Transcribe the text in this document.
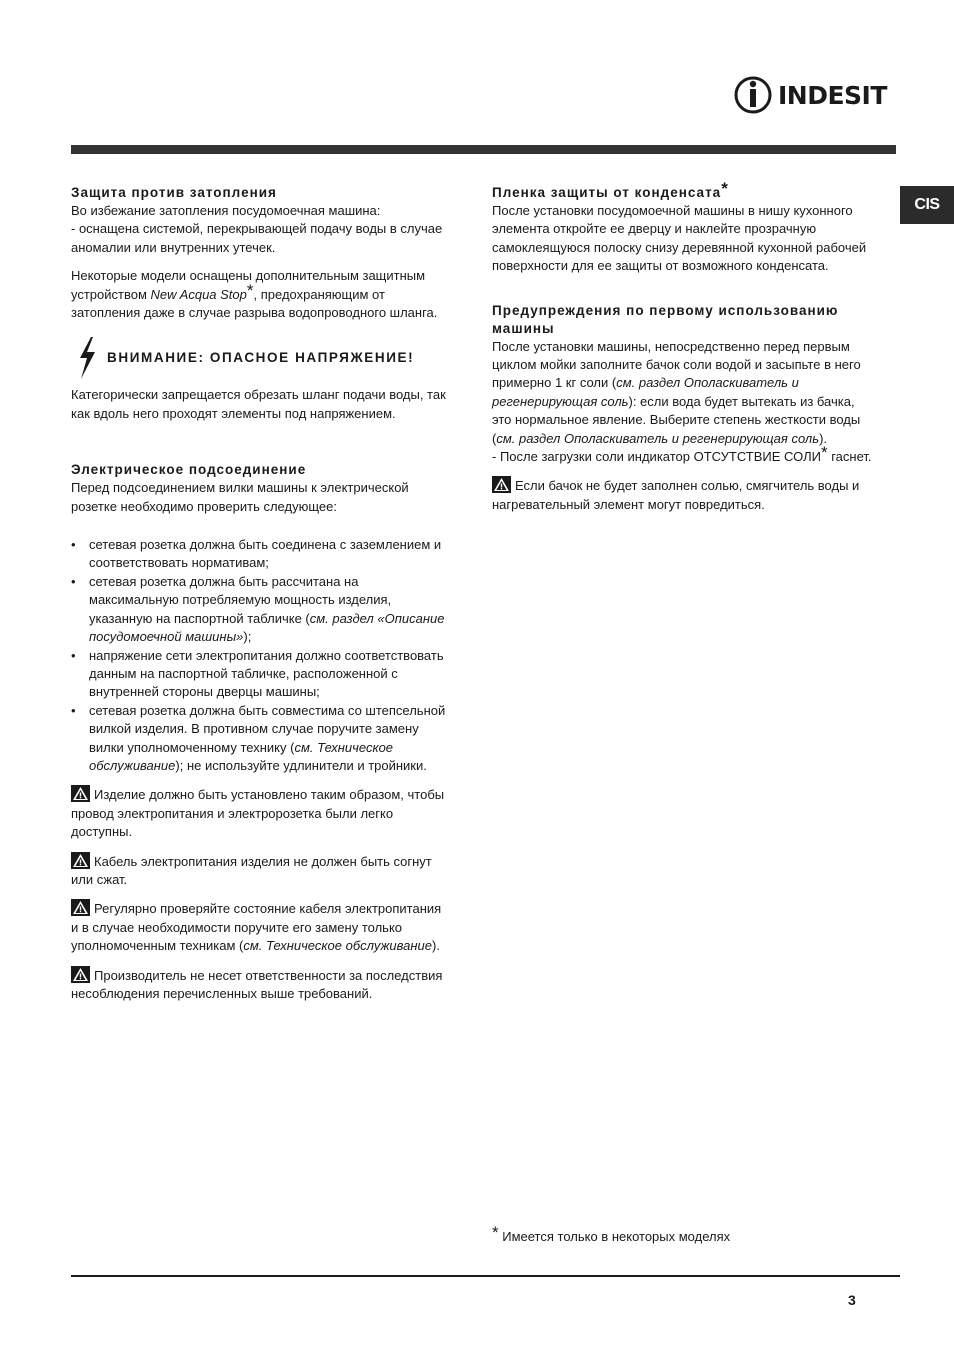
INDESIT
CIS
Защита против затопления

Во избежание затопления посудомоечная машина:

- оснащена системой, перекрывающей подачу воды в случае аномалии или внутренних утечек.

Некоторые модели оснащены дополнительным защитным устройством New Acqua Stop*, предохраняющим от затопления даже в случае разрыва водопроводного шланга.

ВНИМАНИЕ: ОПАСНОЕ НАПРЯЖЕНИЕ!

Категорически запрещается обрезать шланг подачи воды, так как вдоль него проходят элементы под напряжением.

Электрическое подсоединение

Перед подсоединением вилки машины к электрической розетке необходимо проверить следующее:

• сетевая розетка должна быть соединена с заземлением и соответствовать нормативам;
• сетевая розетка должна быть рассчитана на максимальную потребляемую мощность изделия, указанную на паспортной табличке (см. раздел «Описание посудомоечной машины»);
• напряжение сети электропитания должно соответствовать данным на паспортной табличке, расположенной с внутренней стороны дверцы машины;
• сетевая розетка должна быть совместима со штепсельной вилкой изделия. В противном случае поручите замену вилки уполномоченному технику (см. Техническое обслуживание); не используйте удлинители и тройники.

Изделие должно быть установлено таким образом, чтобы провод электропитания и электророзетка были легко доступны.

Кабель электропитания изделия не должен быть согнут или сжат.

Регулярно проверяйте состояние кабеля электропитания и в случае необходимости поручите его замену только уполномоченным техникам (см. Техническое обслуживание).

Производитель не несет ответственности за последствия несоблюдения перечисленных выше требований.

Пленка защиты от конденсата*

После установки посудомоечной машины в нишу кухонного элемента откройте ее дверцу и наклейте прозрачную самоклеящуюся полоску снизу деревянной кухонной рабочей поверхности для ее защиты от возможного конденсата.

Предупреждения по первому использованию машины

После установки машины, непосредственно перед первым циклом мойки заполните бачок соли водой и засыпьте в него примерно 1 кг соли (см. раздел Ополаскиватель и регенерирующая соль): если вода будет вытекать из бачка, это нормальное явление. Выберите степень жесткости воды (см. раздел Ополаскиватель и регенерирующая соль).

- После загрузки соли индикатор ОТСУТСТВИЕ СОЛИ* гаснет.

Если бачок не будет заполнен солью, смягчитель воды и нагревательный элемент могут повредиться.

* Имеется только в некоторых моделях
3
